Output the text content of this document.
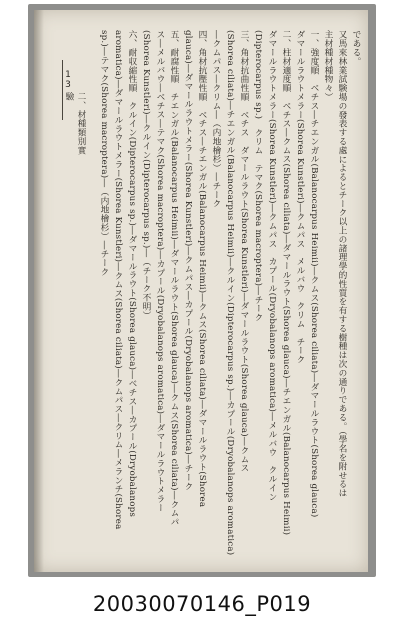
13
二、材種類別實驗
である。
又馬來林業試験場の發表する處によるとチーク以上の諸理學的性質を有する樹種は次の通りである。（學名を附せるは
主材種材種物々）
一、強度順　ベチス―チエンガル(Balanocarpus Heimii)―クムス(Shorea ciliata)―ダマールラウト(Shorea glauca)
ダマールラウトメラー(Shorea Kunstleri)―クムパス　メルバウ　クリム　チーク
二、柱材適度順　ベチス―クムス(Shorea ciliata)―ダマールラウト(Shorea glauca)―チエンガル(Balanocarpus Heimii)
ダマールラウトメラー(Shorea Kunstleri)―クムパス　カプール(Dryobalanops aromatica)―メルバウ　クルイン
(Dipterocarpus sp.)　クリム　テマク(Shorea macroptera)―チーク
三、角材抗曲性順　ベチス　ダマールラウト(Shorea Kunstleri)―ダマールラウト(Shorea glauca)―クムス
(Shorea ciliata)―チエンガル(Balanocarpus Heimii)―クルイン(Dipterocarpus sp.)―カプール(Dryobalanops aromatica)
―クムパス―クリム―（内地檜杉）―チーク
四、角材抗壓性順　ベチス―チエンガル(Balanocarpus Heimii)―クムス(Shorea ciliata)―ダマールラウト(Shorea
glauca)―ダマールラウトメラー(Shorea Kunstleri)―クムパス―カプール(Dryobalanops aromatica)―チーク
五、耐腐性順　チエンガル(Balanocarpus Heimii)―ダマールラウト(Shorea glauca)―クムス(Shorea ciliata)―クムパ
ス―メルバウ―ベチス―テマク(Shorea macroptera)―カプール(Dryobalanops aromatica)―ダマールラウトメラー
(Shorea Kunstleri)―クルイン(Dipterocarpus sp.)―（チーク不明）
六、耐収縮性順　クルイン(Dipterocarpus sp.)―ダマールラウト(Shorea glauca)―ベチス―カプール(Dryobalanops
aromatica)―ダマールラウトメラー(Shorea Kunstleri)―クムス(Shorea ciliata)―クムパス―クリム―メランチ(Shorea
sp.)―テマク(Shorea macroptera)―（内地檜杉）―チーク
20030070146_P019
